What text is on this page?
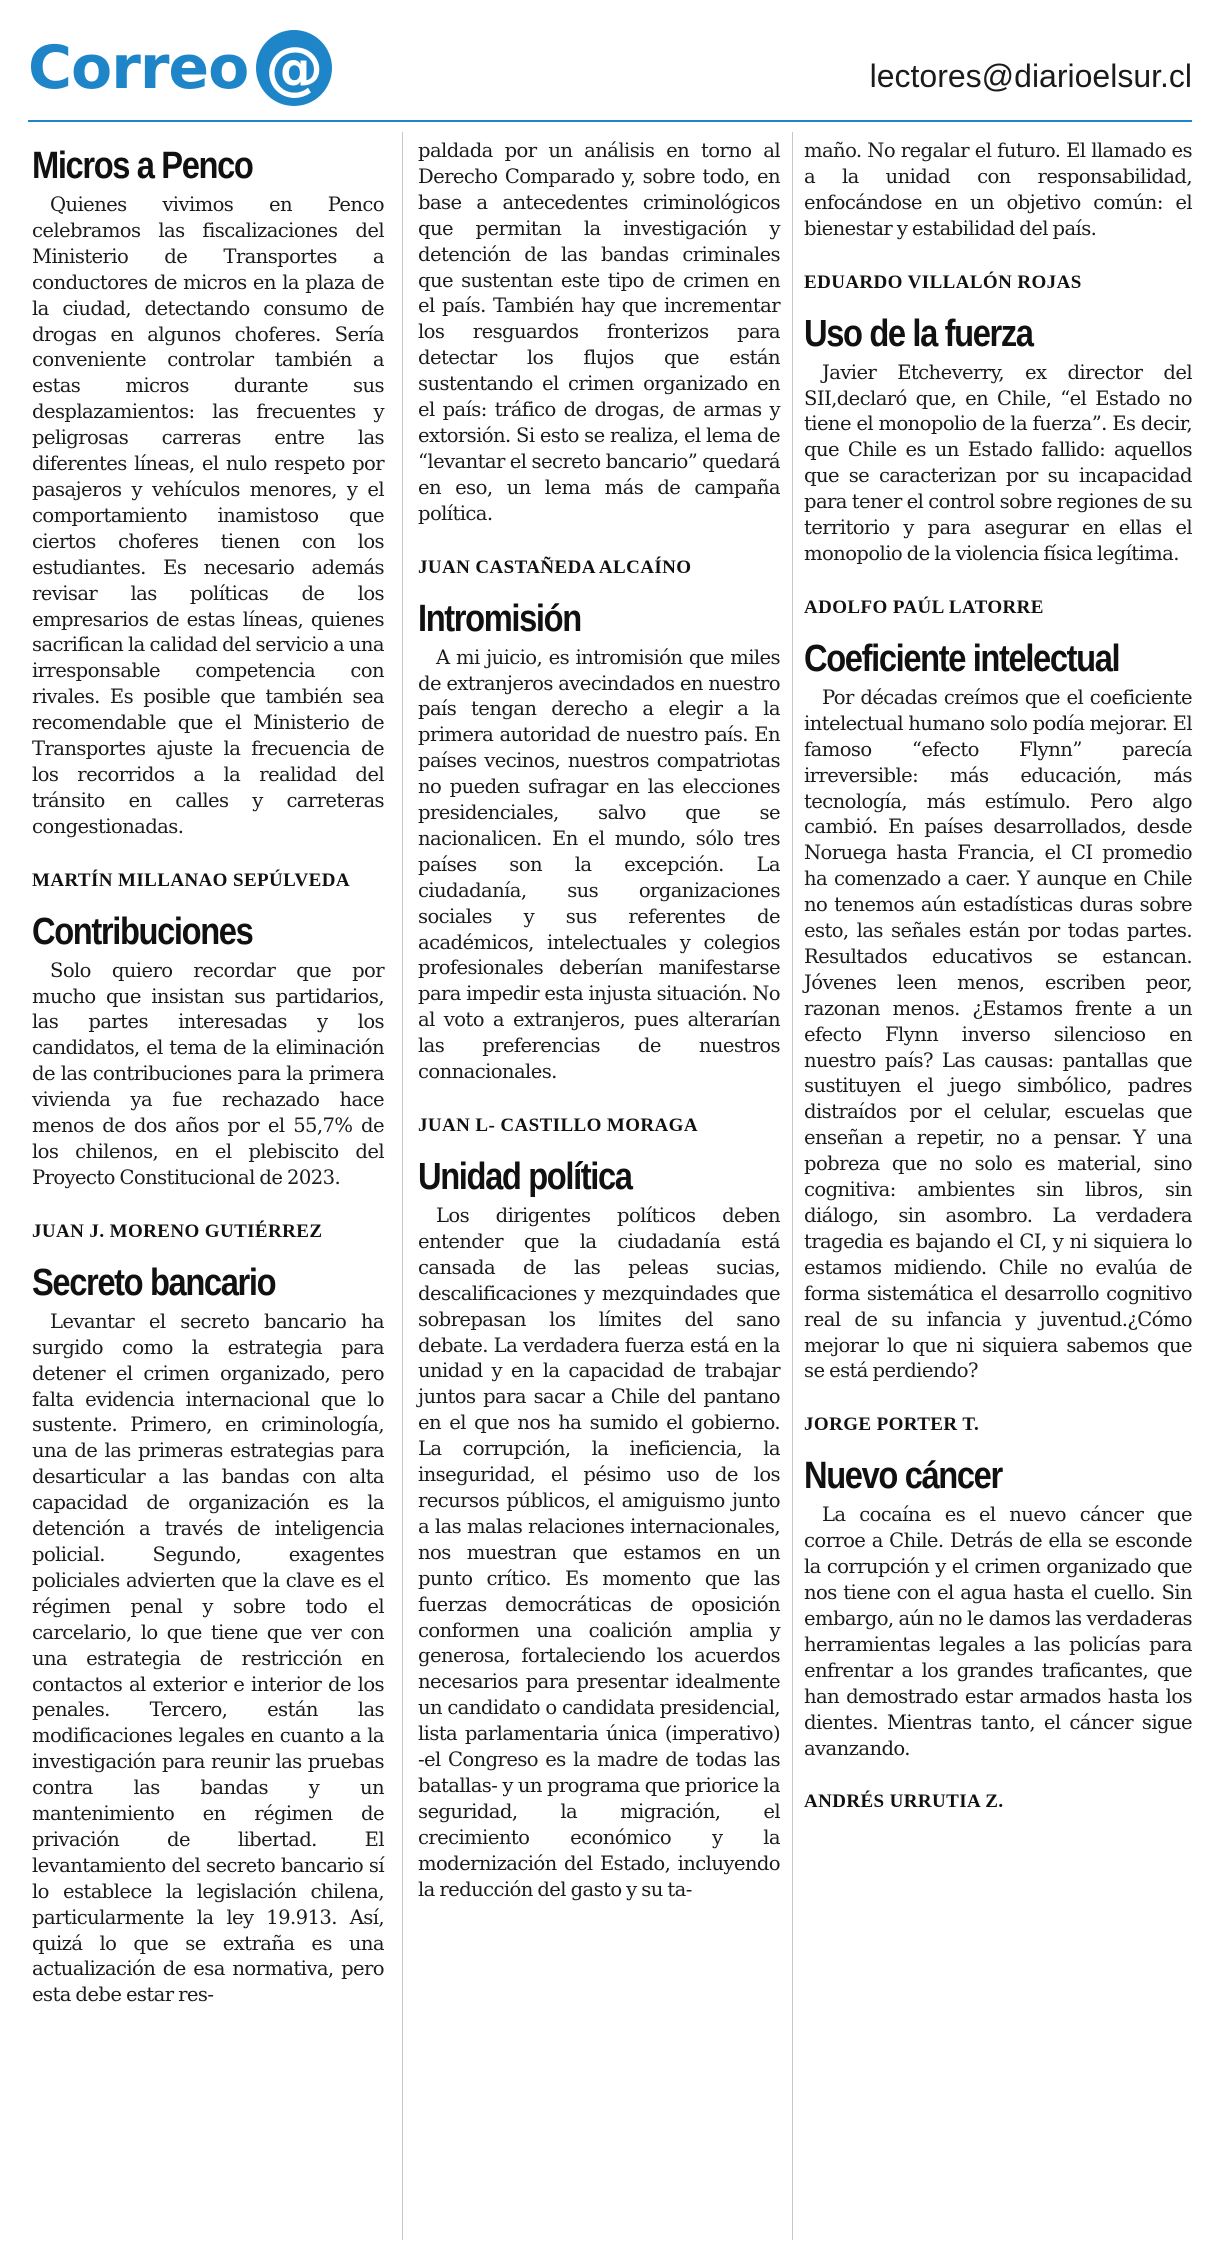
Correo @	lectores@diarioelsur.cl
Micros a Penco

Quienes vivimos en Penco celebramos las fiscalizaciones del Ministerio de Transportes a conductores de micros en la plaza de la ciudad, detectando consumo de drogas en algunos choferes. Sería conveniente controlar también a estas micros durante sus desplazamientos: las frecuentes y peligrosas carreras entre las diferentes líneas, el nulo respeto por pasajeros y vehículos menores, y el comportamiento inamistoso que ciertos choferes tienen con los estudiantes. Es necesario además revisar las políticas de los empresarios de estas líneas, quienes sacrifican la calidad del servicio a una irresponsable competencia con rivales. Es posible que también sea recomendable que el Ministerio de Transportes ajuste la frecuencia de los recorridos a la realidad del tránsito en calles y carreteras congestionadas.

MARTÍN MILLANAO SEPÚLVEDA
Contribuciones

Solo quiero recordar que por mucho que insistan sus partidarios, las partes interesadas y los candidatos, el tema de la eliminación de las contribuciones para la primera vivienda ya fue rechazado hace menos de dos años por el 55,7% de los chilenos, en el plebiscito del Proyecto Constitucional de 2023.

JUAN J. MORENO GUTIÉRREZ
Secreto bancario

Levantar el secreto bancario ha surgido como la estrategia para detener el crimen organizado, pero falta evidencia internacional que lo sustente. Primero, en criminología, una de las primeras estrategias para desarticular a las bandas con alta capacidad de organización es la detención a través de inteligencia policial. Segundo, exagentes policiales advierten que la clave es el régimen penal y sobre todo el carcelario, lo que tiene que ver con una estrategia de restricción en contactos al exterior e interior de los penales. Tercero, están las modificaciones legales en cuanto a la investigación para reunir las pruebas contra las bandas y un mantenimiento en régimen de privación de libertad. El levantamiento del secreto bancario sí lo establece la legislación chilena, particularmente la ley 19.913. Así, quizá lo que se extraña es una actualización de esa normativa, pero esta debe estar res-

paldada por un análisis en torno al Derecho Comparado y, sobre todo, en base a antecedentes criminológicos que permitan la investigación y detención de las bandas criminales que sustentan este tipo de crimen en el país. También hay que incrementar los resguardos fronterizos para detectar los flujos que están sustentando el crimen organizado en el país: tráfico de drogas, de armas y extorsión. Si esto se realiza, el lema de “levantar el secreto bancario” quedará en eso, un lema más de campaña política.

JUAN CASTAÑEDA ALCAÍNO
Intromisión

A mi juicio, es intromisión que miles de extranjeros avecindados en nuestro país tengan derecho a elegir a la primera autoridad de nuestro país. En países vecinos, nuestros compatriotas no pueden sufragar en las elecciones presidenciales, salvo que se nacionalicen. En el mundo, sólo tres países son la excepción. La ciudadanía, sus organizaciones sociales y sus referentes de académicos, intelectuales y colegios profesionales deberían manifestarse para impedir esta injusta situación. No al voto a extranjeros, pues alterarían las preferencias de nuestros connacionales.

JUAN L- CASTILLO MORAGA
Unidad política

Los dirigentes políticos deben entender que la ciudadanía está cansada de las peleas sucias, descalificaciones y mezquindades que sobrepasan los límites del sano debate. La verdadera fuerza está en la unidad y en la capacidad de trabajar juntos para sacar a Chile del pantano en el que nos ha sumido el gobierno. La corrupción, la ineficiencia, la inseguridad, el pésimo uso de los recursos públicos, el amiguismo junto a las malas relaciones internacionales, nos muestran que estamos en un punto crítico. Es momento que las fuerzas democráticas de oposición conformen una coalición amplia y generosa, fortaleciendo los acuerdos necesarios para presentar idealmente un candidato o candidata presidencial, lista parlamentaria única (imperativo) -el Congreso es la madre de todas las batallas- y un programa que priorice la seguridad, la migración, el crecimiento económico y la modernización del Estado, incluyendo la reducción del gasto y su ta-

maño. No regalar el futuro. El llamado es a la unidad con responsabilidad, enfocándose en un objetivo común: el bienestar y estabilidad del país.

EDUARDO VILLALÓN ROJAS
Uso de la fuerza

Javier Etcheverry, ex director del SII,declaró que, en Chile, “el Estado no tiene el monopolio de la fuerza”. Es decir, que Chile es un Estado fallido: aquellos que se caracterizan por su incapacidad para tener el control sobre regiones de su territorio y para asegurar en ellas el monopolio de la violencia física legítima.

ADOLFO PAÚL LATORRE
Coeficiente intelectual

Por décadas creímos que el coeficiente intelectual humano solo podía mejorar. El famoso “efecto Flynn” parecía irreversible: más educación, más tecnología, más estímulo. Pero algo cambió. En países desarrollados, desde Noruega hasta Francia, el CI promedio ha comenzado a caer. Y aunque en Chile no tenemos aún estadísticas duras sobre esto, las señales están por todas partes. Resultados educativos se estancan. Jóvenes leen menos, escriben peor, razonan menos. ¿Estamos frente a un efecto Flynn inverso silencioso en nuestro país? Las causas: pantallas que sustituyen el juego simbólico, padres distraídos por el celular, escuelas que enseñan a repetir, no a pensar. Y una pobreza que no solo es material, sino cognitiva: ambientes sin libros, sin diálogo, sin asombro. La verdadera tragedia es bajando el CI, y ni siquiera lo estamos midiendo. Chile no evalúa de forma sistemática el desarrollo cognitivo real de su infancia y juventud.¿Cómo mejorar lo que ni siquiera sabemos que se está perdiendo?

JORGE PORTER T.
Nuevo cáncer

La cocaína es el nuevo cáncer que corroe a Chile. Detrás de ella se esconde la corrupción y el crimen organizado que nos tiene con el agua hasta el cuello. Sin embargo, aún no le damos las verdaderas herramientas legales a las policías para enfrentar a los grandes traficantes, que han demostrado estar armados hasta los dientes. Mientras tanto, el cáncer sigue avanzando.

ANDRÉS URRUTIA Z.
